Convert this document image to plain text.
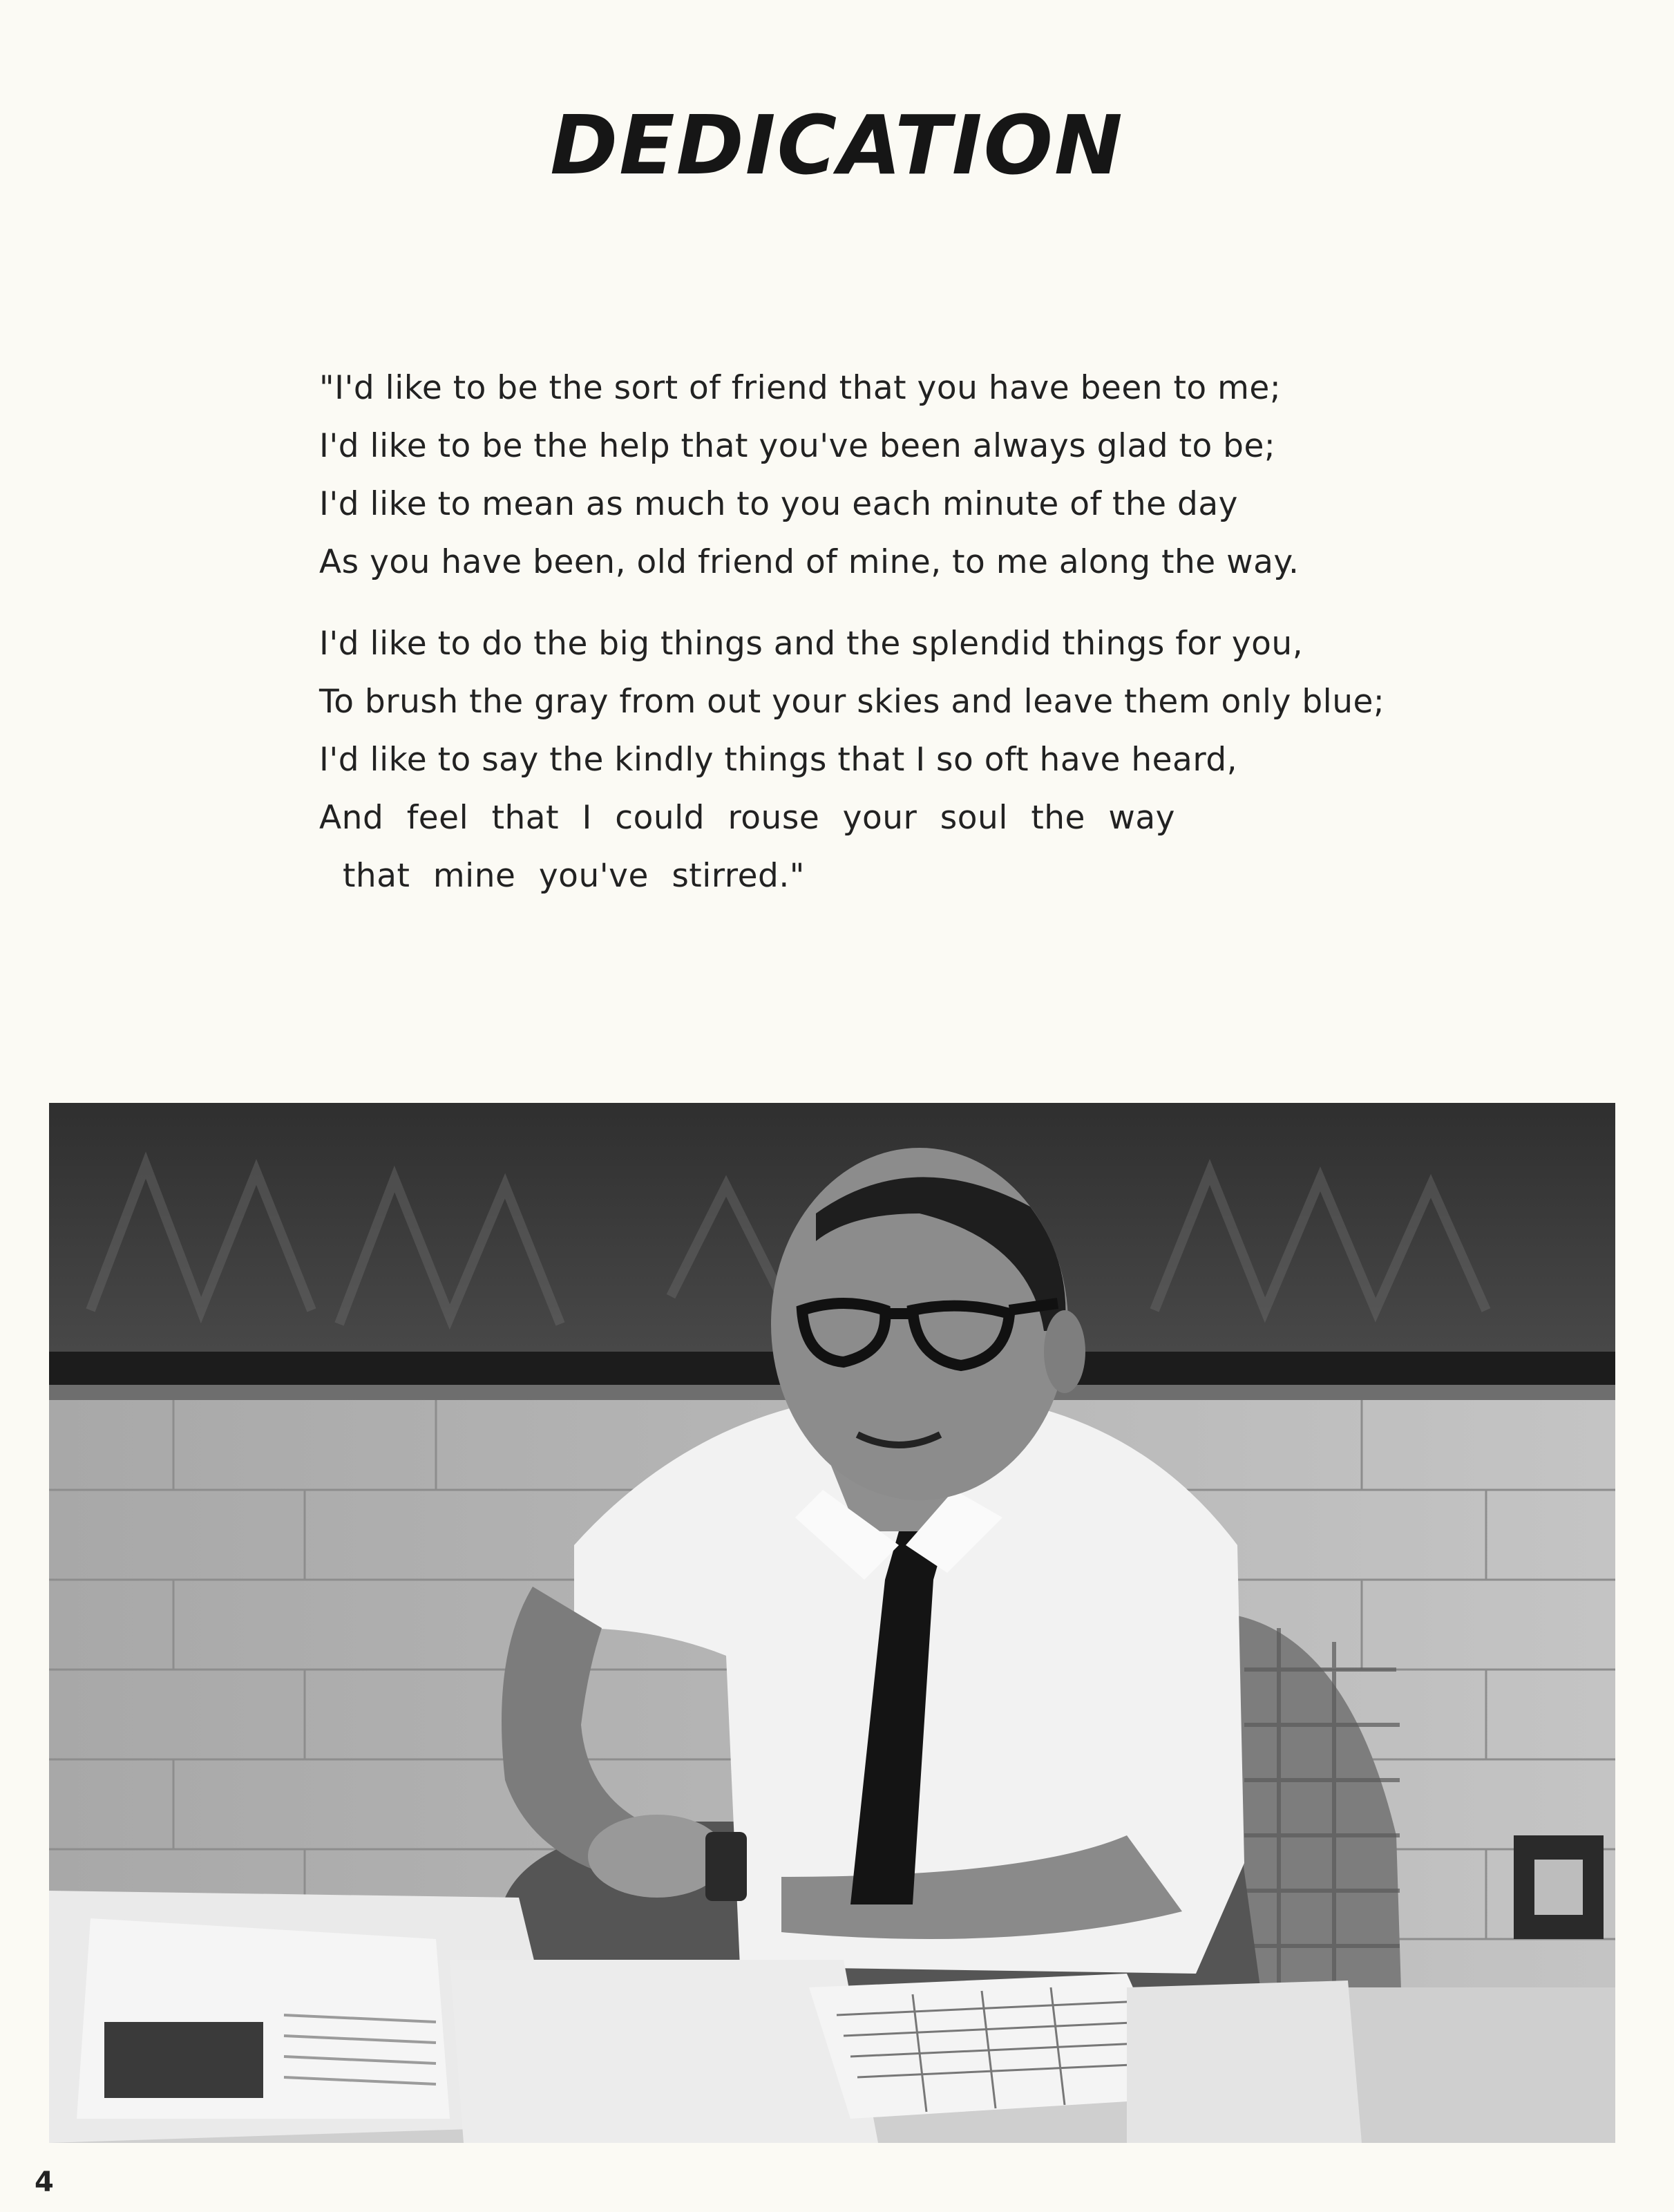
DEDICATION

"I'd like to be the sort of friend that you have been to me;
I'd like to be the help that you've been always glad to be;
I'd like to mean as much to you each minute of the day
As you have been, old friend of mine, to me along the way.

I'd like to do the big things and the splendid things for you,
To brush the gray from out your skies and leave them only blue;
I'd like to say the kindly things that I so oft have heard,
And feel that I could rouse your soul the way
that mine you've stirred."

4
